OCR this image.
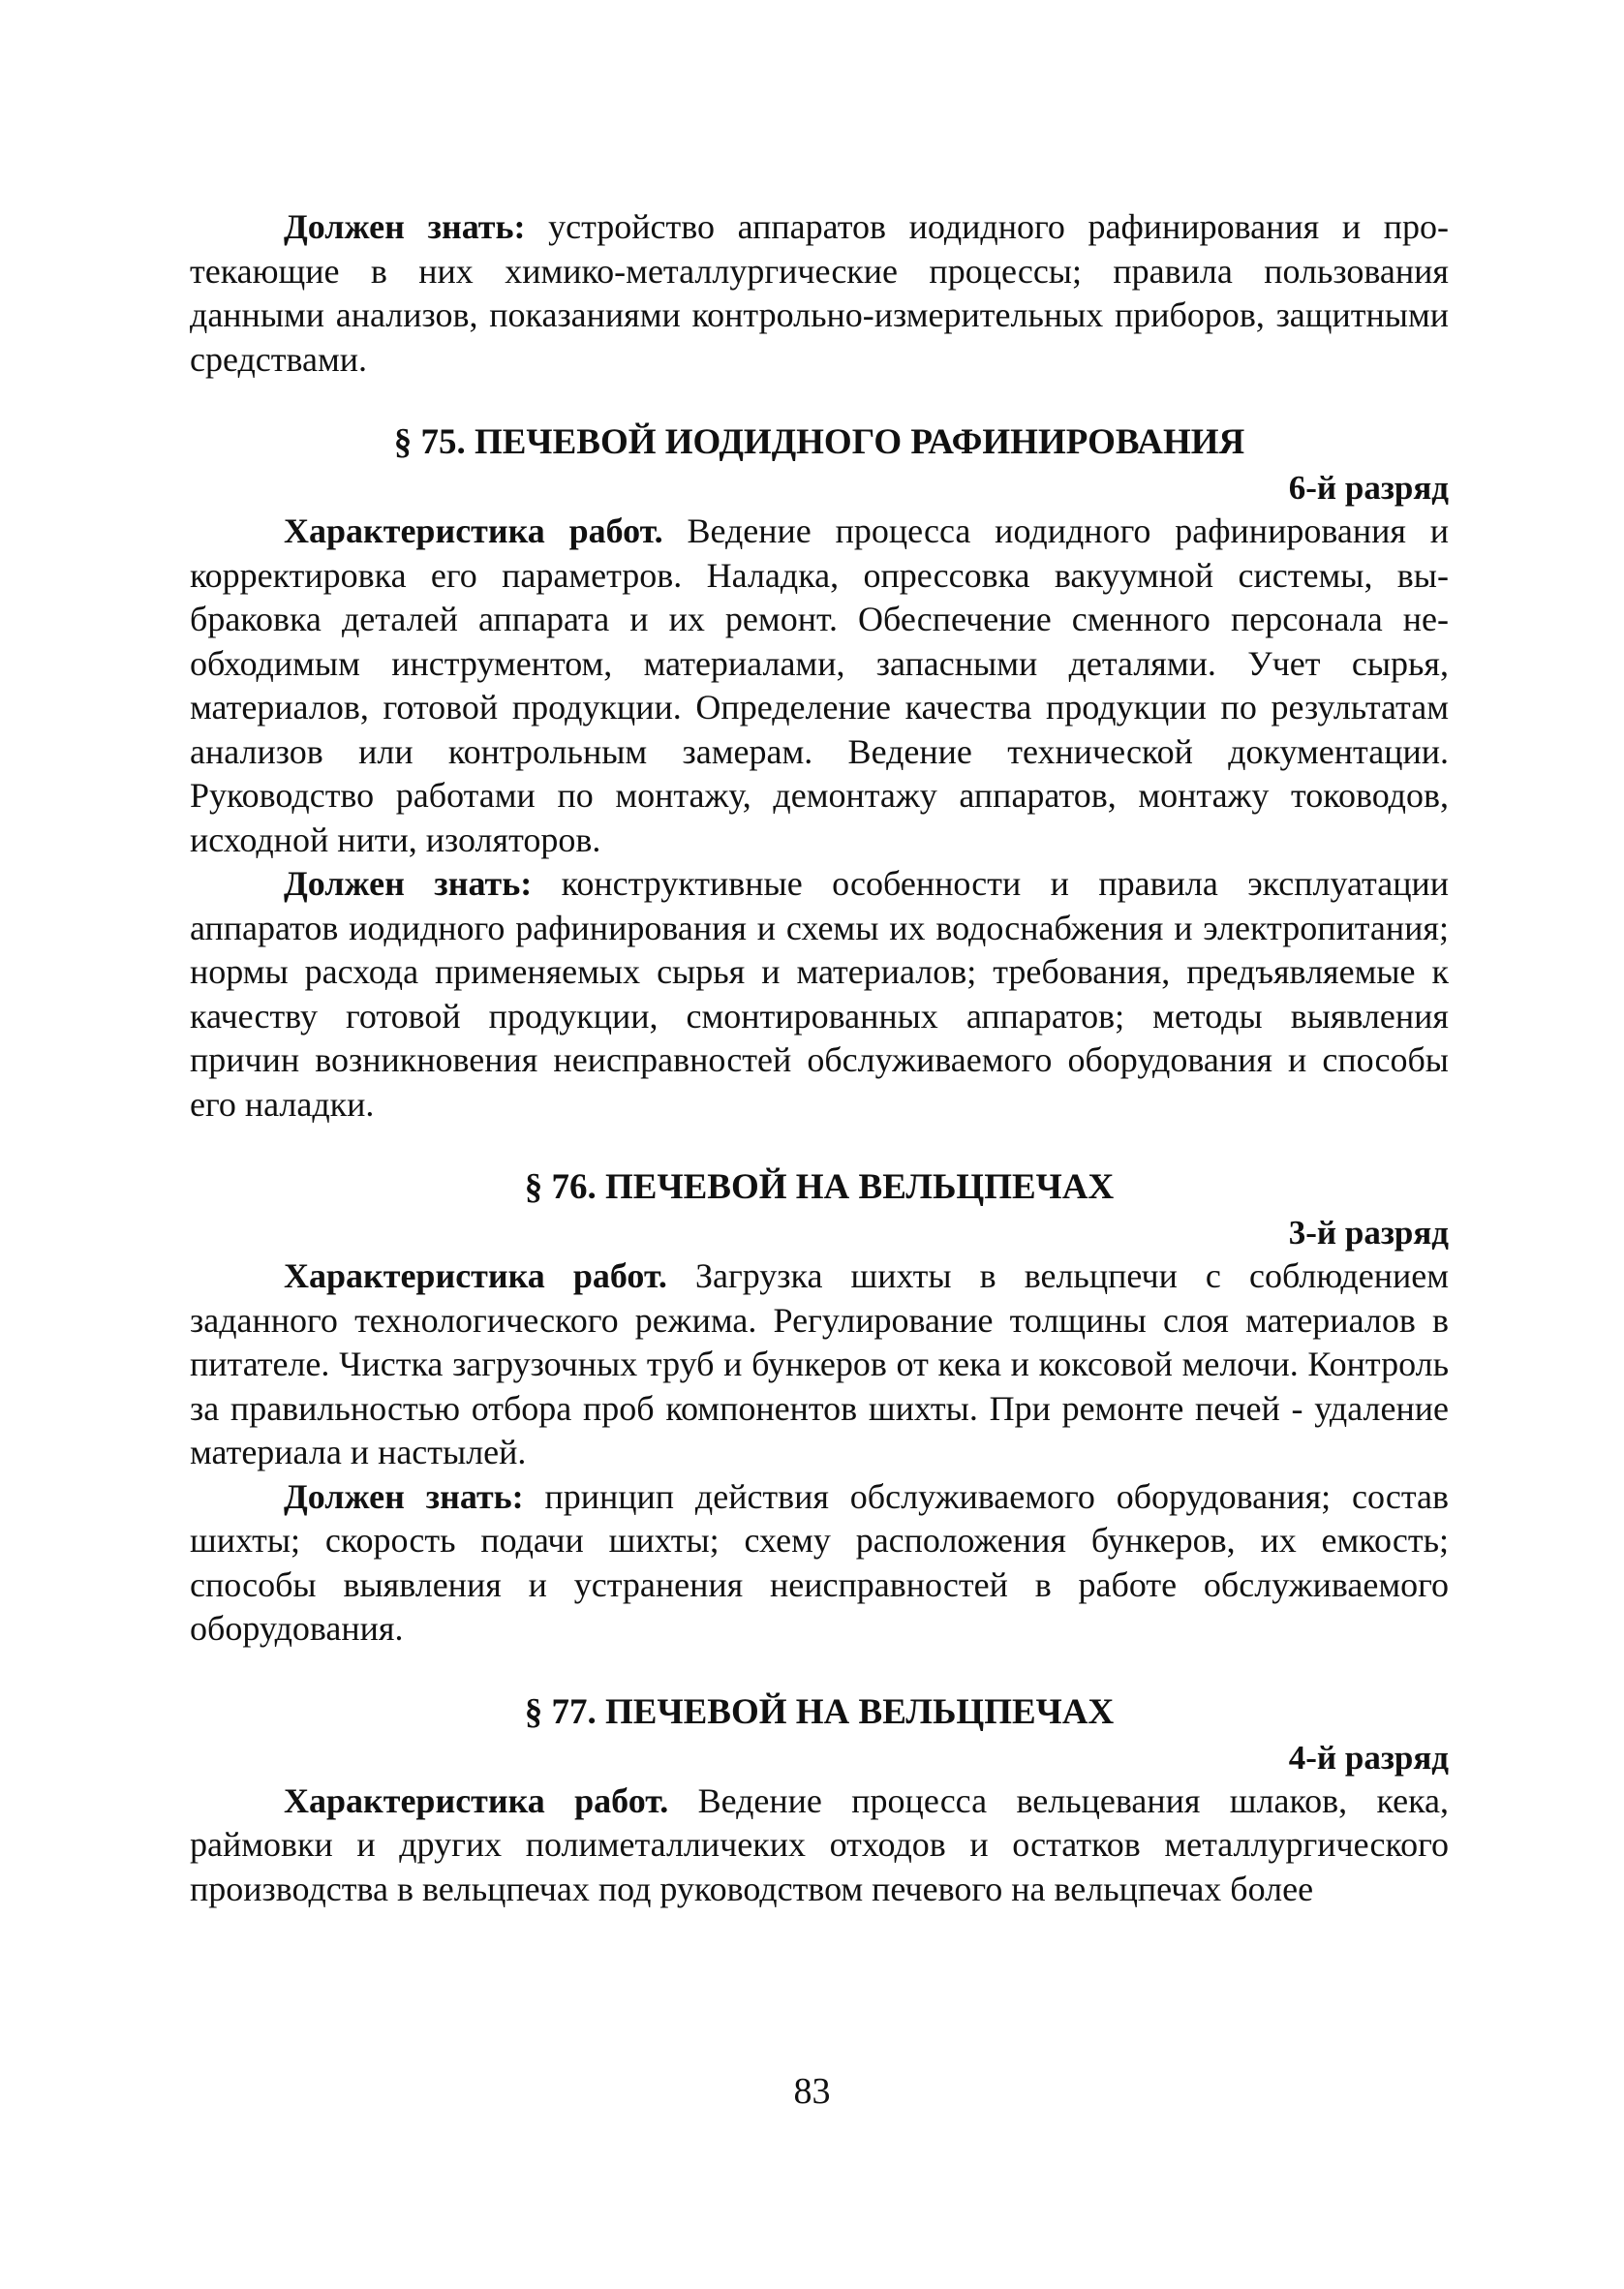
Должен знать: устройство аппаратов иодидного рафинирования и протекающие в них химико-металлургические процессы; правила пользования данными анализов, показаниями контрольно-измерительных приборов, защитными средствами.

§ 75. ПЕЧЕВОЙ ИОДИДНОГО РАФИНИРОВАНИЯ
6-й разряд

Характеристика работ. Ведение процесса иодидного рафинирования и корректировка его параметров. Наладка, опрессовка вакуумной системы, выбраковка деталей аппарата и их ремонт. Обеспечение сменного персонала необходимым инструментом, материалами, запасными деталями. Учет сырья, материалов, готовой продукции. Определение качества продукции по результатам анализов или контрольным замерам. Ведение технической документации. Руководство работами по монтажу, демонтажу аппаратов, монтажу тоководов, исходной нити, изоляторов.

Должен знать: конструктивные особенности и правила эксплуатации аппаратов иодидного рафинирования и схемы их водоснабжения и электропитания; нормы расхода применяемых сырья и материалов; требования, предъявляемые к качеству готовой продукции, смонтированных аппаратов; методы выявления причин возникновения неисправностей обслуживаемого оборудования и способы его наладки.

§ 76. ПЕЧЕВОЙ НА ВЕЛЬЦПЕЧАХ
3-й разряд

Характеристика работ. Загрузка шихты в вельцпечи с соблюдением заданного технологического режима. Регулирование толщины слоя материалов в питателе. Чистка загрузочных труб и бункеров от кека и коксовой мелочи. Контроль за правильностью отбора проб компонентов шихты. При ремонте печей - удаление материала и настылей.

Должен знать: принцип действия обслуживаемого оборудования; состав шихты; скорость подачи шихты; схему расположения бункеров, их емкость; способы выявления и устранения неисправностей в работе обслуживаемого оборудования.

§ 77. ПЕЧЕВОЙ НА ВЕЛЬЦПЕЧАХ
4-й разряд

Характеристика работ. Ведение процесса вельцевания шлаков, кека, раймовки и других полиметалличеких отходов и остатков металлургического производства в вельцпечах под руководством печевого на вельцпечах более

83
